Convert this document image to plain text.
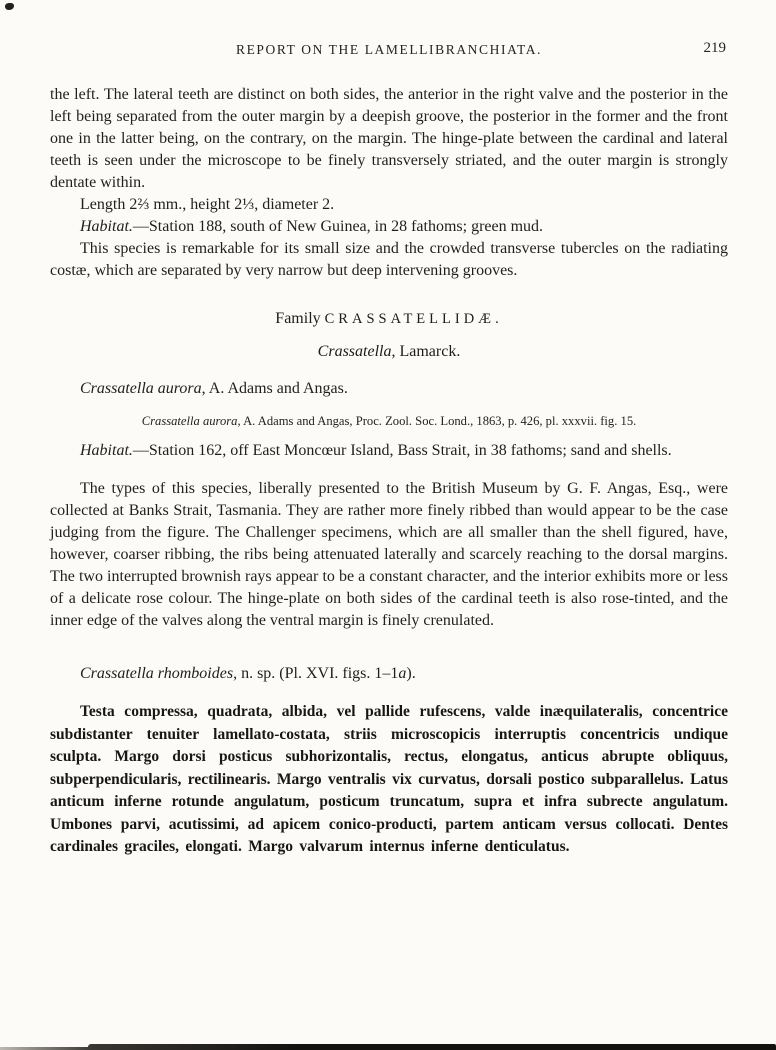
REPORT ON THE LAMELLIBRANCHIATA.	219

the left. The lateral teeth are distinct on both sides, the anterior in the right valve and the posterior in the left being separated from the outer margin by a deepish groove, the posterior in the former and the front one in the latter being, on the contrary, on the margin. The hinge-plate between the cardinal and lateral teeth is seen under the microscope to be finely transversely striated, and the outer margin is strongly dentate within.

Length 2⅔ mm., height 2⅓, diameter 2.

Habitat.—Station 188, south of New Guinea, in 28 fathoms; green mud.

This species is remarkable for its small size and the crowded transverse tubercles on the radiating costæ, which are separated by very narrow but deep intervening grooves.

Family CRASSATELLIDÆ.
Crassatella, Lamarck.

Crassatella aurora, A. Adams and Angas.

Crassatella aurora, A. Adams and Angas, Proc. Zool. Soc. Lond., 1863, p. 426, pl. xxxvii. fig. 15.

Habitat.—Station 162, off East Moncœur Island, Bass Strait, in 38 fathoms; sand and shells.

The types of this species, liberally presented to the British Museum by G. F. Angas, Esq., were collected at Banks Strait, Tasmania. They are rather more finely ribbed than would appear to be the case judging from the figure. The Challenger specimens, which are all smaller than the shell figured, have, however, coarser ribbing, the ribs being attenuated laterally and scarcely reaching to the dorsal margins. The two interrupted brownish rays appear to be a constant character, and the interior exhibits more or less of a delicate rose colour. The hinge-plate on both sides of the cardinal teeth is also rose-tinted, and the inner edge of the valves along the ventral margin is finely crenulated.

Crassatella rhomboides, n. sp. (Pl. XVI. figs. 1–1a).

Testa compressa, quadrata, albida, vel pallide rufescens, valde inæquilateralis, concentrice subdistanter tenuiter lamellato-costata, striis microscopicis interruptis concentricis undique sculpta. Margo dorsi posticus subhorizontalis, rectus, elongatus, anticus abrupte obliquus, subperpendicularis, rectilinearis. Margo ventralis vix curvatus, dorsali postico subparallelus. Latus anticum inferne rotunde angulatum, posticum truncatum, supra et infra subrecte angulatum. Umbones parvi, acutissimi, ad apicem conico-producti, partem anticam versus collocati. Dentes cardinales graciles, elongati. Margo valvarum internus inferne denticulatus.
